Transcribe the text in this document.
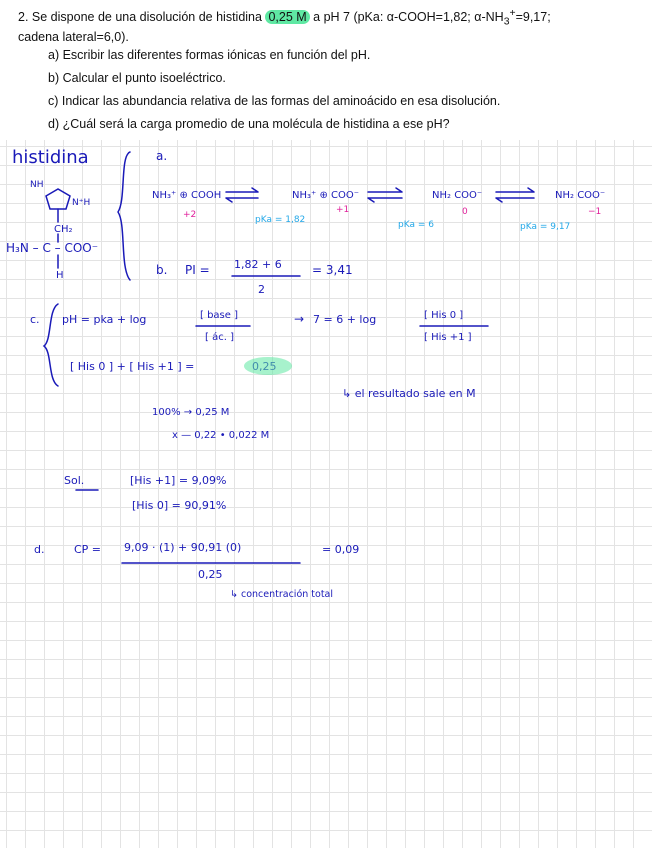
2. Se dispone de una disolución de histidina 0,25 M a pH 7 (pKa: α-COOH=1,82; $\alpha-NH_3^+=9,17$;
cadena lateral=6,0).
a) Escribir las diferentes formas iónicas en función del pH.
b) Calcular el punto isoeléctrico.
c) Indicar las abundancia relativa de las formas del aminoácido en esa disolución.
d) ¿Cuál será la carga promedio de una molécula de histidina a ese pH?
histidina
NH
N⁺H
CH₂
H₃N – C – COO⁻
H
a.
NH₃⁺ ⊕ COOH	NH₃⁺ ⊕ COO⁻	NH₂ COO⁻	NH₂ COO⁻
b. PI = 1,82 + 6
2
= 3,41
c. pH = pka + log	[ base ]
[ ác. ]
→ 7 = 6 + log	[ His 0 ]
[ His +1 ]
[ His 0 ] + [ His +1 ] =
↳ el resultado sale en M
100% → 0,25 M
x — 0,22 • 0,022 M
Sol.	[His +1] = 9,09%
[His 0] = 90,91%
d.	CP = 9,09 · (1) + 90,91 (0)
0,25
= 0,09
↳ concentración total
+2	+1	0	−1
pKa = 1,82	pKa = 6	pKa = 9,17
